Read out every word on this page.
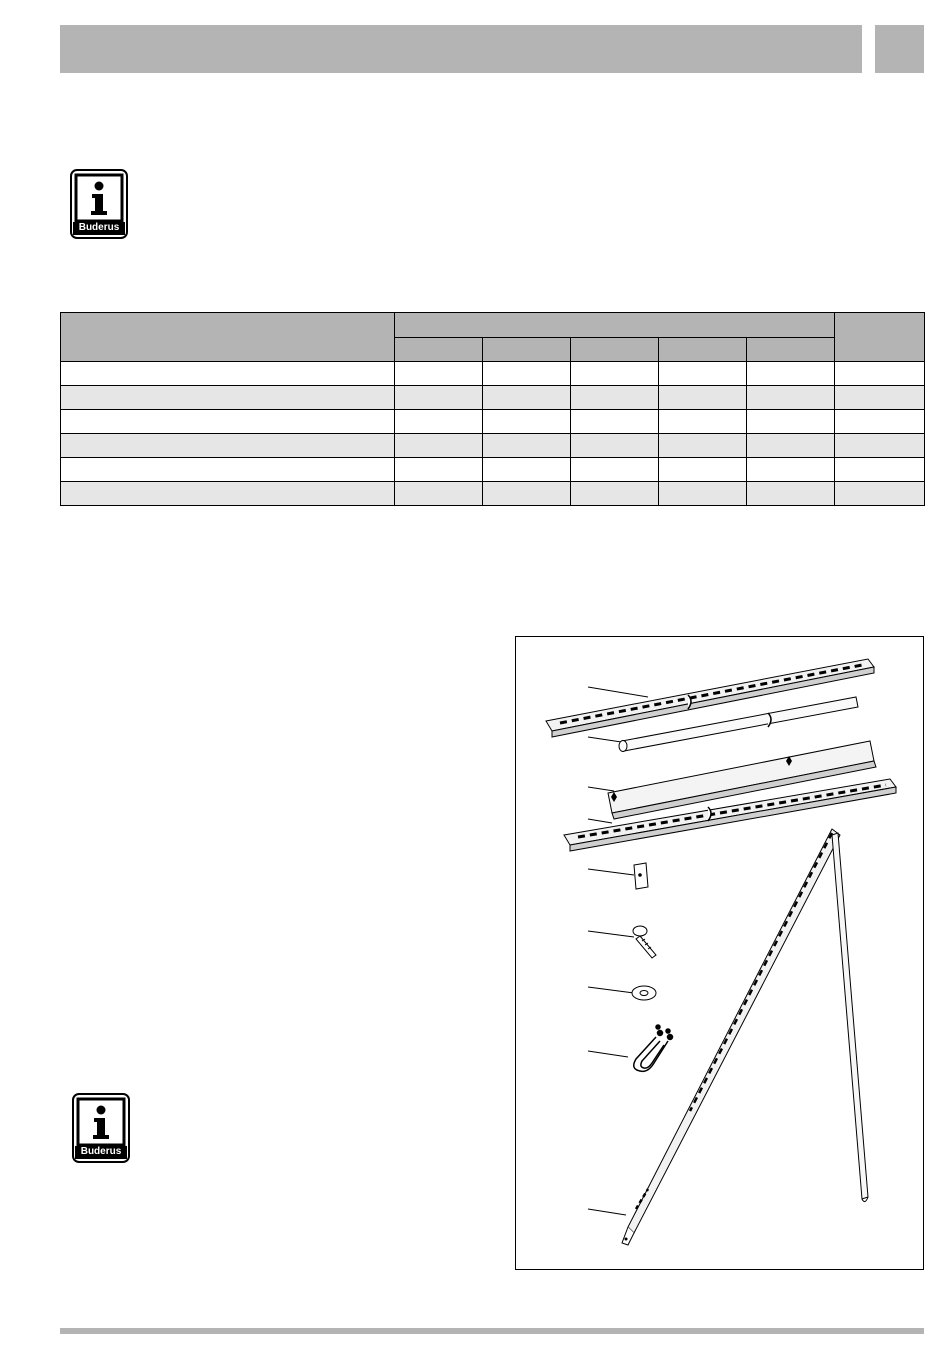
Buderus

Buderus
